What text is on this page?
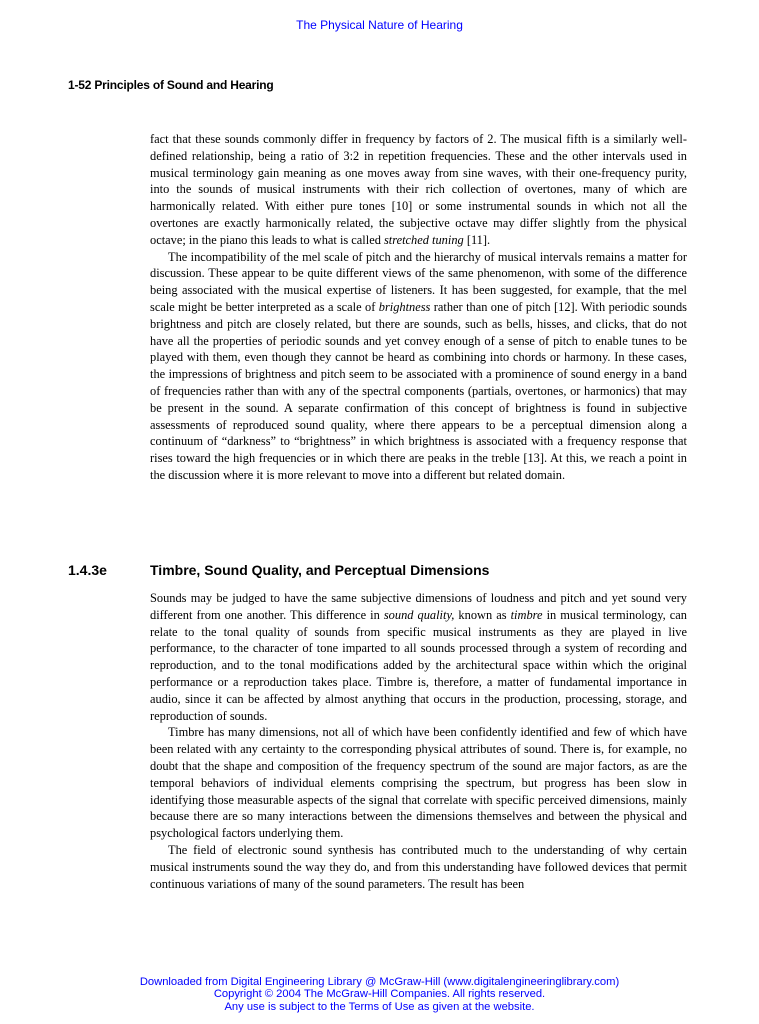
The Physical Nature of Hearing
1-52 Principles of Sound and Hearing

fact that these sounds commonly differ in frequency by factors of 2. The musical fifth is a similarly well-defined relationship, being a ratio of 3:2 in repetition frequencies. These and the other intervals used in musical terminology gain meaning as one moves away from sine waves, with their one-frequency purity, into the sounds of musical instruments with their rich collection of overtones, many of which are harmonically related. With either pure tones [10] or some instrumental sounds in which not all the overtones are exactly harmonically related, the subjective octave may differ slightly from the physical octave; in the piano this leads to what is called stretched tuning [11].

The incompatibility of the mel scale of pitch and the hierarchy of musical intervals remains a matter for discussion. These appear to be quite different views of the same phenomenon, with some of the difference being associated with the musical expertise of listeners. It has been suggested, for example, that the mel scale might be better interpreted as a scale of brightness rather than one of pitch [12]. With periodic sounds brightness and pitch are closely related, but there are sounds, such as bells, hisses, and clicks, that do not have all the properties of periodic sounds and yet convey enough of a sense of pitch to enable tunes to be played with them, even though they cannot be heard as combining into chords or harmony. In these cases, the impressions of brightness and pitch seem to be associated with a prominence of sound energy in a band of frequencies rather than with any of the spectral components (partials, overtones, or harmonics) that may be present in the sound. A separate confirmation of this concept of brightness is found in subjective assessments of reproduced sound quality, where there appears to be a perceptual dimension along a continuum of “darkness” to “brightness” in which brightness is associated with a frequency response that rises toward the high frequencies or in which there are peaks in the treble [13]. At this, we reach a point in the discussion where it is more relevant to move into a different but related domain.

1.4.3e	Timbre, Sound Quality, and Perceptual Dimensions

Sounds may be judged to have the same subjective dimensions of loudness and pitch and yet sound very different from one another. This difference in sound quality, known as timbre in musical terminology, can relate to the tonal quality of sounds from specific musical instruments as they are played in live performance, to the character of tone imparted to all sounds processed through a system of recording and reproduction, and to the tonal modifications added by the architectural space within which the original performance or a reproduction takes place. Timbre is, therefore, a matter of fundamental importance in audio, since it can be affected by almost anything that occurs in the production, processing, storage, and reproduction of sounds.

Timbre has many dimensions, not all of which have been confidently identified and few of which have been related with any certainty to the corresponding physical attributes of sound. There is, for example, no doubt that the shape and composition of the frequency spectrum of the sound are major factors, as are the temporal behaviors of individual elements comprising the spectrum, but progress has been slow in identifying those measurable aspects of the signal that correlate with specific perceived dimensions, mainly because there are so many interactions between the dimensions themselves and between the physical and psychological factors underlying them.

The field of electronic sound synthesis has contributed much to the understanding of why certain musical instruments sound the way they do, and from this understanding have followed devices that permit continuous variations of many of the sound parameters. The result has been

Downloaded from Digital Engineering Library @ McGraw-Hill (www.digitalengineeringlibrary.com)
Copyright © 2004 The McGraw-Hill Companies. All rights reserved.
Any use is subject to the Terms of Use as given at the website.
